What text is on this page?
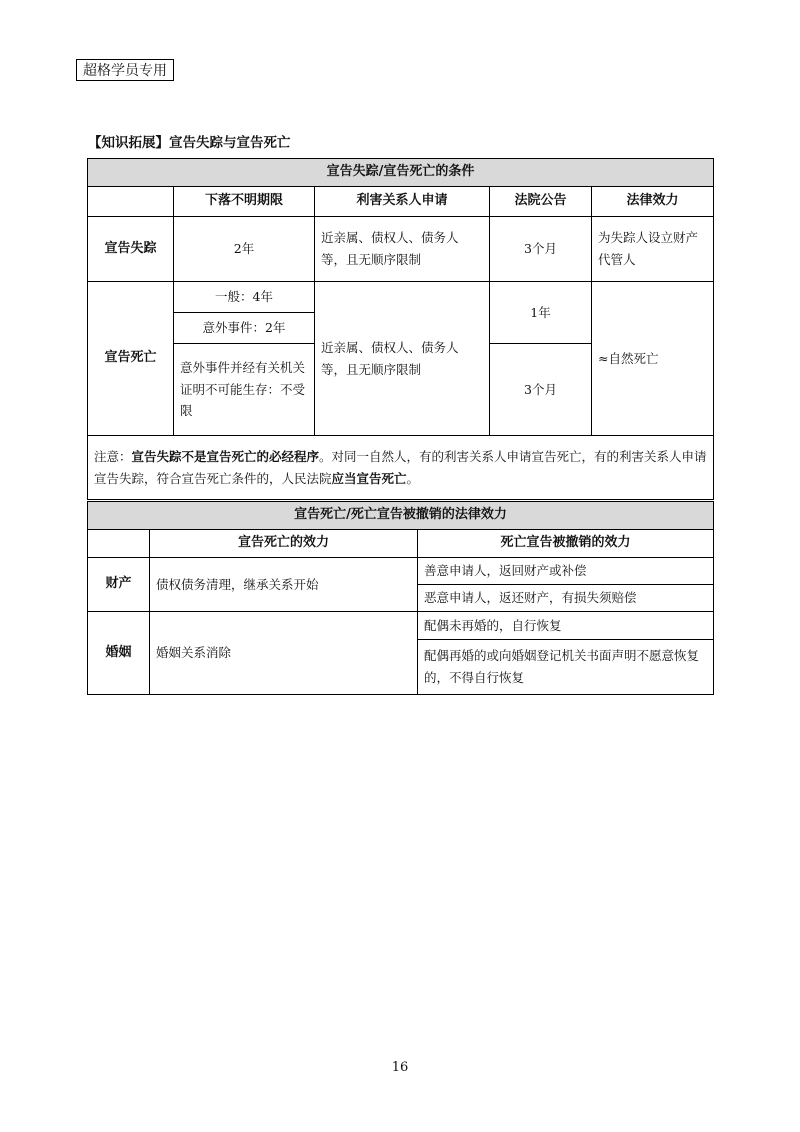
超格学员专用
【知识拓展】宣告失踪与宣告死亡
宣告失踪/宣告死亡的条件				
	下落不明期限	利害关系人申请	法院公告	法律效力
宣告失踪	2年	近亲属、债权人、债务人等，且无顺序限制	3个月	为失踪人设立财产代管人
宣告死亡	一般：4年	近亲属、债权人、债务人等，且无顺序限制	1年	≈自然死亡
	意外事件：2年			
	意外事件并经有关机关证明不可能生存：不受限		3个月	
注意：宣告失踪不是宣告死亡的必经程序。对同一自然人，有的利害关系人申请宣告死亡，有的利害关系人申请宣告失踪，符合宣告死亡条件的，人民法院应当宣告死亡。				
宣告死亡/死亡宣告被撤销的法律效力		
	宣告死亡的效力	死亡宣告被撤销的效力
财产	债权债务清理，继承关系开始	善意申请人，返回财产或补偿
		恶意申请人，返还财产，有损失须赔偿
婚姻	婚姻关系消除	配偶未再婚的，自行恢复
		配偶再婚的或向婚姻登记机关书面声明不愿意恢复的，不得自行恢复
16
